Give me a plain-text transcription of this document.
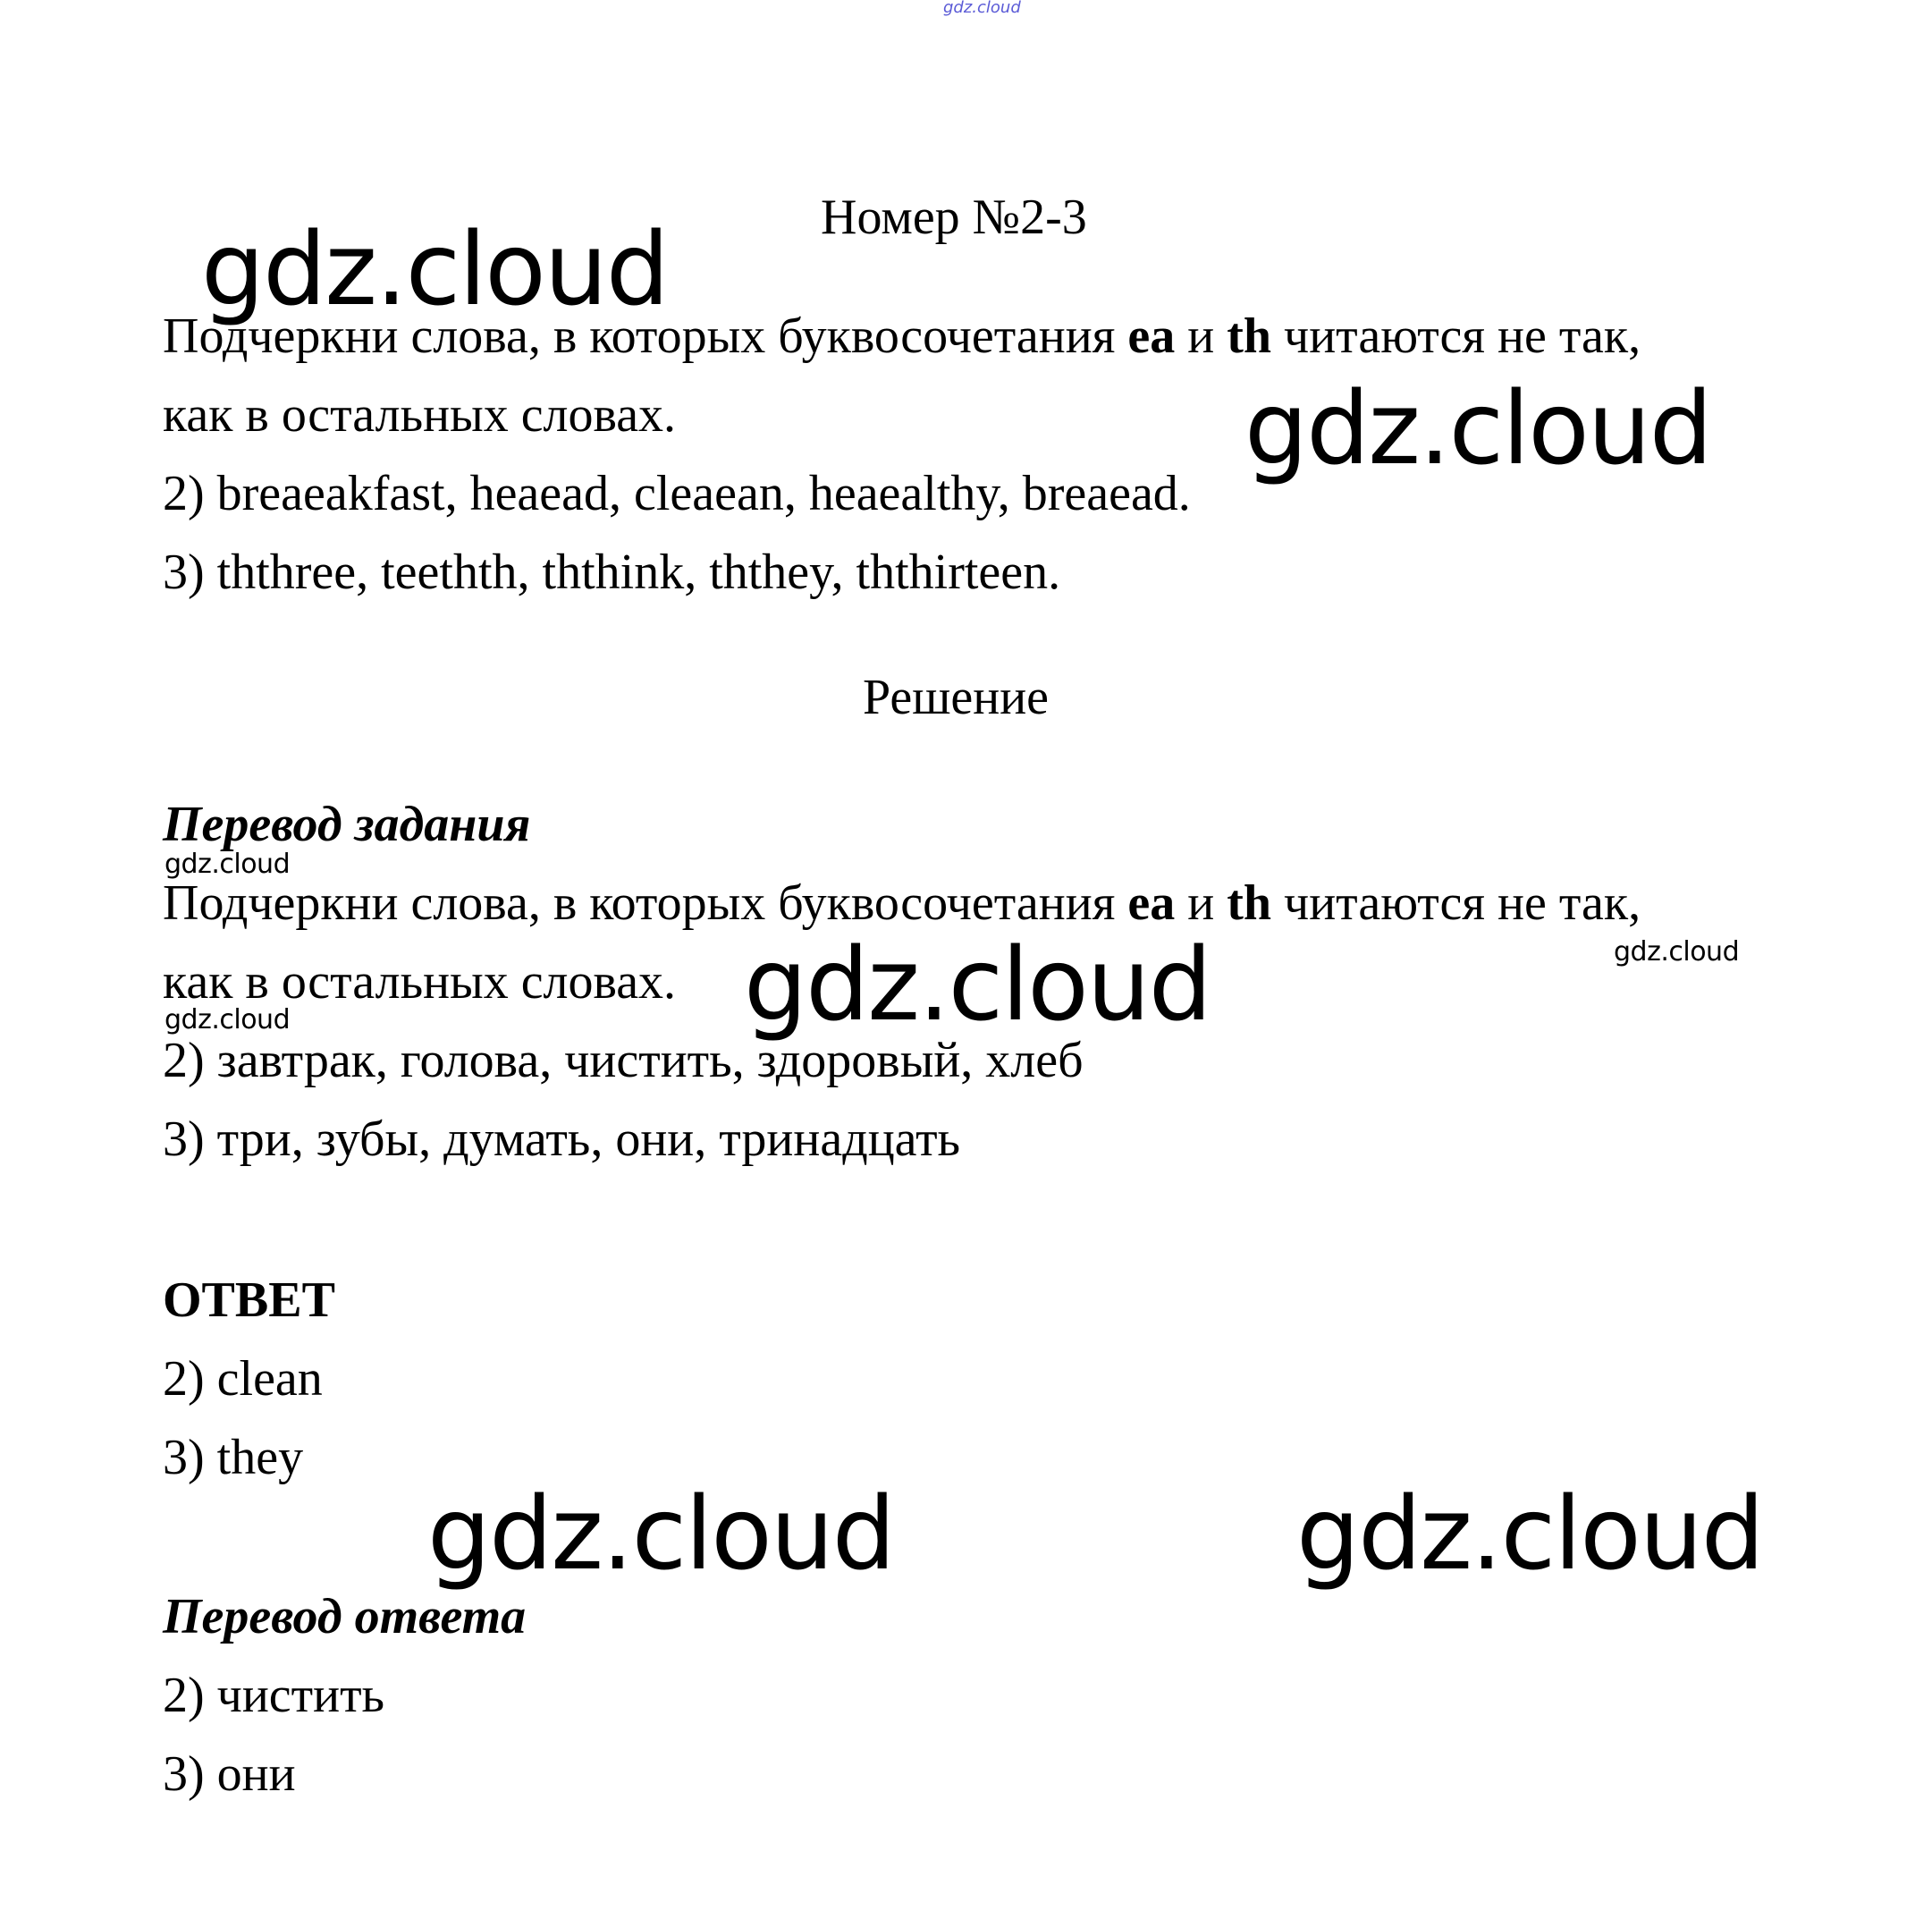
gdz.cloud
Номер №2-3
Подчеркни слова, в которых буквосочетания ea и th читаются не так,
как в остальных словах.
2) breaeakfast, heaead, cleaean, heaealthy, breaead.
3) ththree, teethth, ththink, ththey, ththirteen.
Решение
Перевод задания
Подчеркни слова, в которых буквосочетания ea и th читаются не так,
как в остальных словах.
2) завтрак, голова, чистить, здоровый, хлеб
3) три, зубы, думать, они, тринадцать
ОТВЕТ
2) clean
3) they
Перевод ответа
2) чистить
3) они
gdz.cloud
gdz.cloud
gdz.cloud
gdz.cloud	gdz.cloud
gdz.cloud
gdz.cloud
gdz.cloud
